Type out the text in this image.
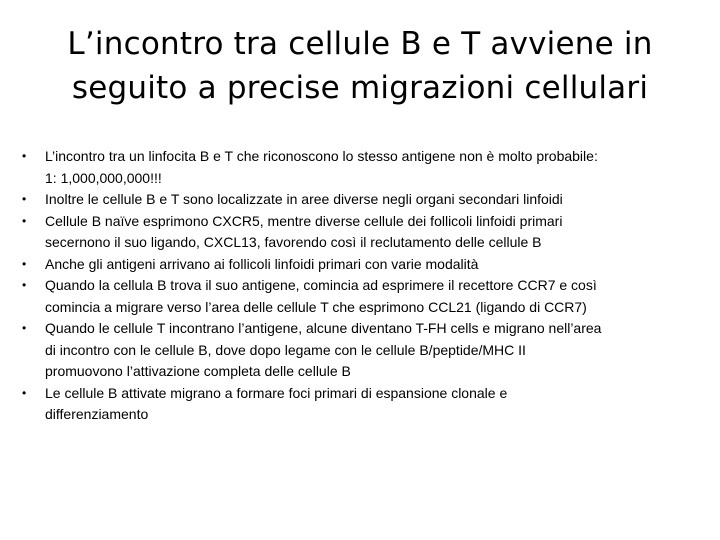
L’incontro tra cellule B e T avviene in
seguito a precise migrazioni cellulari
• L’incontro tra un linfocita B e T che riconoscono lo stesso antigene non è molto probabile:
1: 1,000,000,000!!!
• Inoltre le cellule B e T sono localizzate in aree diverse negli organi secondari linfoidi
• Cellule B naïve esprimono CXCR5, mentre diverse cellule dei follicoli linfoidi primari
secernono il suo ligando, CXCL13, favorendo così il reclutamento delle cellule B
• Anche gli antigeni arrivano ai follicoli linfoidi primari con varie modalità
• Quando la cellula B trova il suo antigene, comincia ad esprimere il recettore CCR7 e così
comincia a migrare verso l’area delle cellule T che esprimono CCL21 (ligando di CCR7)
• Quando le cellule T incontrano l’antigene, alcune diventano T-FH cells e migrano nell’area
di incontro con le cellule B, dove dopo legame con le cellule B/peptide/MHC II
promuovono l’attivazione completa delle cellule B
• Le cellule B attivate migrano a formare foci primari di espansione clonale e
differenziamento
